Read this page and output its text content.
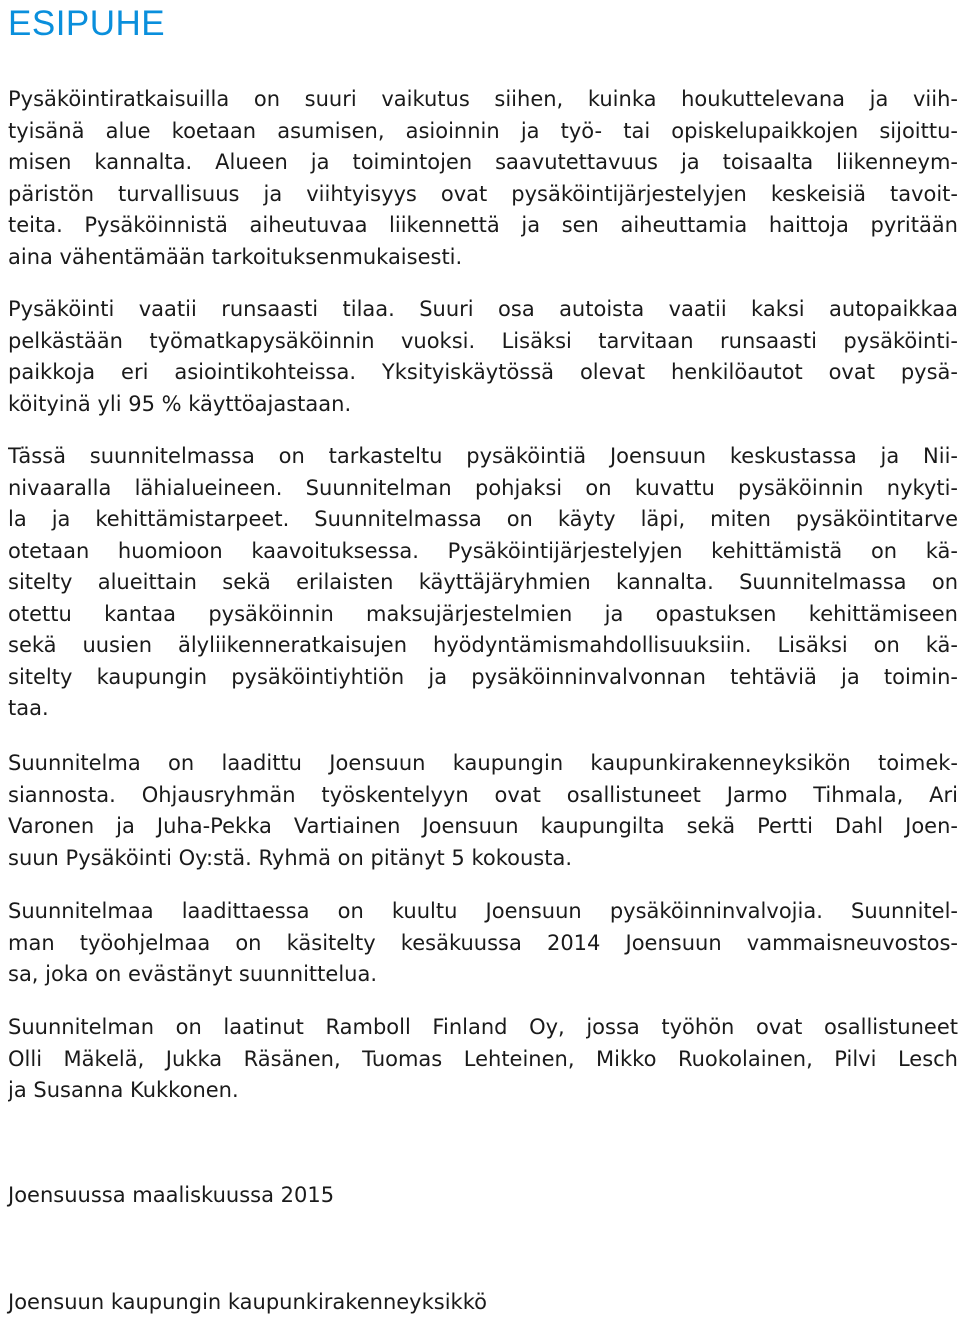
ESIPUHE
Pysäköintiratkaisuilla on suuri vaikutus siihen, kuinka houkuttelevana ja viih-
tyisänä alue koetaan asumisen, asioinnin ja työ- tai opiskelupaikkojen sijoittu-
misen kannalta. Alueen ja toimintojen saavutettavuus ja toisaalta liikenneym-
päristön turvallisuus ja viihtyisyys ovat pysäköintijärjestelyjen keskeisiä tavoit-
teita. Pysäköinnistä aiheutuvaa liikennettä ja sen aiheuttamia haittoja pyritään
aina vähentämään tarkoituksenmukaisesti.
Pysäköinti vaatii runsaasti tilaa. Suuri osa autoista vaatii kaksi autopaikkaa
pelkästään työmatkapysäköinnin vuoksi. Lisäksi tarvitaan runsaasti pysäköinti-
paikkoja eri asiointikohteissa. Yksityiskäytössä olevat henkilöautot ovat pysä-
köityinä yli 95 % käyttöajastaan.
Tässä suunnitelmassa on tarkasteltu pysäköintiä Joensuun keskustassa ja Nii-
nivaaralla lähialueineen. Suunnitelman pohjaksi on kuvattu pysäköinnin nykyti-
la ja kehittämistarpeet. Suunnitelmassa on käyty läpi, miten pysäköintitarve
otetaan huomioon kaavoituksessa. Pysäköintijärjestelyjen kehittämistä on kä-
sitelty alueittain sekä erilaisten käyttäjäryhmien kannalta. Suunnitelmassa on
otettu kantaa pysäköinnin maksujärjestelmien ja opastuksen kehittämiseen
sekä uusien älyliikenneratkaisujen hyödyntämismahdollisuuksiin. Lisäksi on kä-
sitelty kaupungin pysäköintiyhtiön ja pysäköinninvalvonnan tehtäviä ja toimin-
taa.
Suunnitelma on laadittu Joensuun kaupungin kaupunkirakenneyksikön toimek-
siannosta. Ohjausryhmän työskentelyyn ovat osallistuneet Jarmo Tihmala, Ari
Varonen ja Juha-Pekka Vartiainen Joensuun kaupungilta sekä Pertti Dahl Joen-
suun Pysäköinti Oy:stä. Ryhmä on pitänyt 5 kokousta.
Suunnitelmaa laadittaessa on kuultu Joensuun pysäköinninvalvojia. Suunnitel-
man työohjelmaa on käsitelty kesäkuussa 2014 Joensuun vammaisneuvostos-
sa, joka on evästänyt suunnittelua.
Suunnitelman on laatinut Ramboll Finland Oy, jossa työhön ovat osallistuneet
Olli Mäkelä, Jukka Räsänen, Tuomas Lehteinen, Mikko Ruokolainen, Pilvi Lesch
ja Susanna Kukkonen.

Joensuussa maaliskuussa 2015

Joensuun kaupungin kaupunkirakenneyksikkö
